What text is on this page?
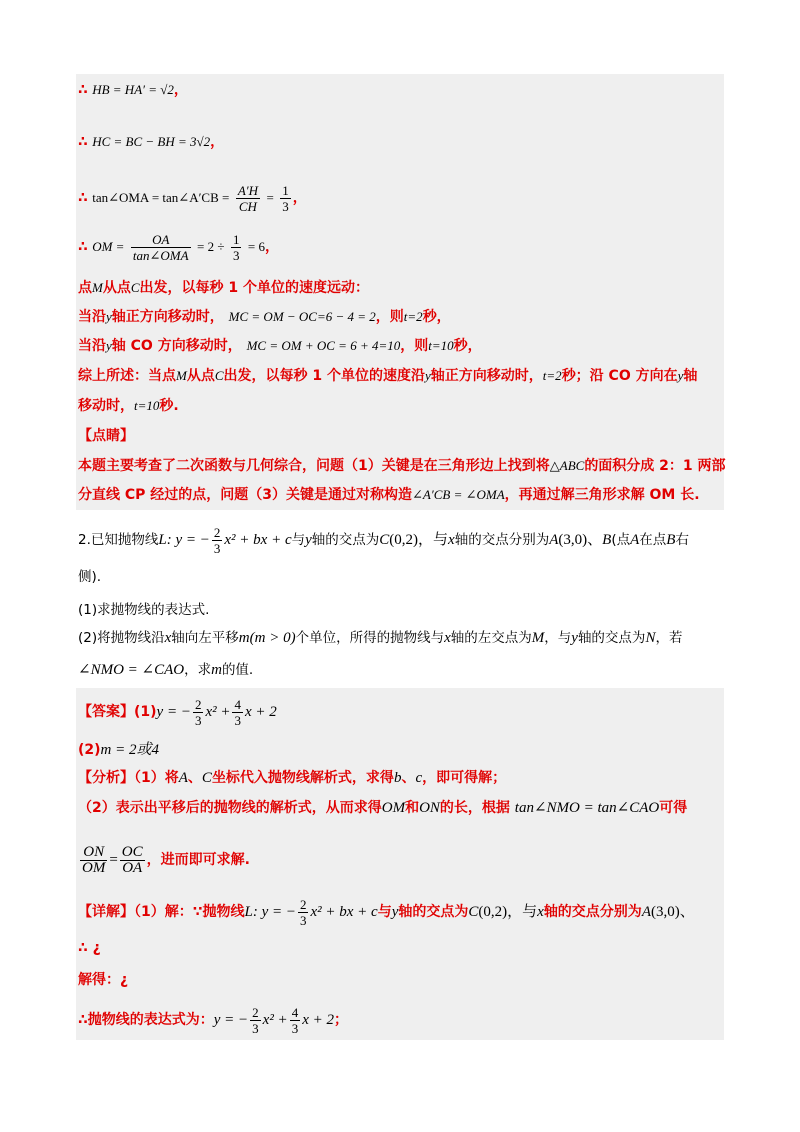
∴ HB = HA′ = √2，
∴ HC = BC − BH = 3√2，
∴ tan∠OMA = tan∠A′CB = $\frac{A'H}{CH} = \frac{1}{3}$ ，
∴ OM = $\frac{OA}{\text{tan∠OMA}} = 2 \div \frac{1}{3} = 6$，
点M从点C出发，以每秒 1 个单位的速度远动：
当沿y轴正方向移动时， MC = OM − OC=6 − 4 = 2，则t=2秒，
当沿y轴 CO 方向移动时， MC = OM + OC = 6 + 4=10，则t=10秒，
综上所述：当点M从点C出发，以每秒 1 个单位的速度沿y轴正方向移动时，t=2秒；沿 CO 方向在y轴
移动时，t=10秒.
【点睛】
本题主要考查了二次函数与几何综合，问题（1）关键是在三角形边上找到将△ABC的面积分成 2：1 两部
分直线 CP 经过的点，问题（3）关键是通过对称构造∠A′CB = ∠OMA，再通过解三角形求解 OM 长.
2.已知抛物线L: y = − $\frac{2}{3} x^2$ + bx + c与y轴的交点为C(0,2)，与x轴的交点分别为A(3,0)、B(点A在点B右
侧).
(1)求抛物线的表达式.
(2)将抛物线沿x轴向左平移m(m > 0)个单位，所得的抛物线与x轴的左交点为M，与y轴的交点为N，若
∠NMO = ∠CAO，求m的值.
【答案】(1)y = − $\frac{2}{3} x^2 + \frac{4}{3}$ x + 2
(2)m = 2或4
【分析】（1）将A、C坐标代入抛物线解析式，求得b、c，即可得解；
（2）表示出平移后的抛物线的解析式，从而求得OM和ON的长，根据 tan∠NMO = tan∠CAO可得
$\frac{ON}{OM} = \frac{OC}{OA}$ ，进而即可求解.
【详解】（1）解：∵抛物线L: y = − $\frac{2}{3} x^2$ + bx + c与y轴的交点为C(0,2)，与x轴的交点分别为A(3,0)、
∴ ¿
解得：¿
∴抛物线的表达式为：y = − $\frac{2}{3} x^2 + \frac{4}{3}$ x + 2；
